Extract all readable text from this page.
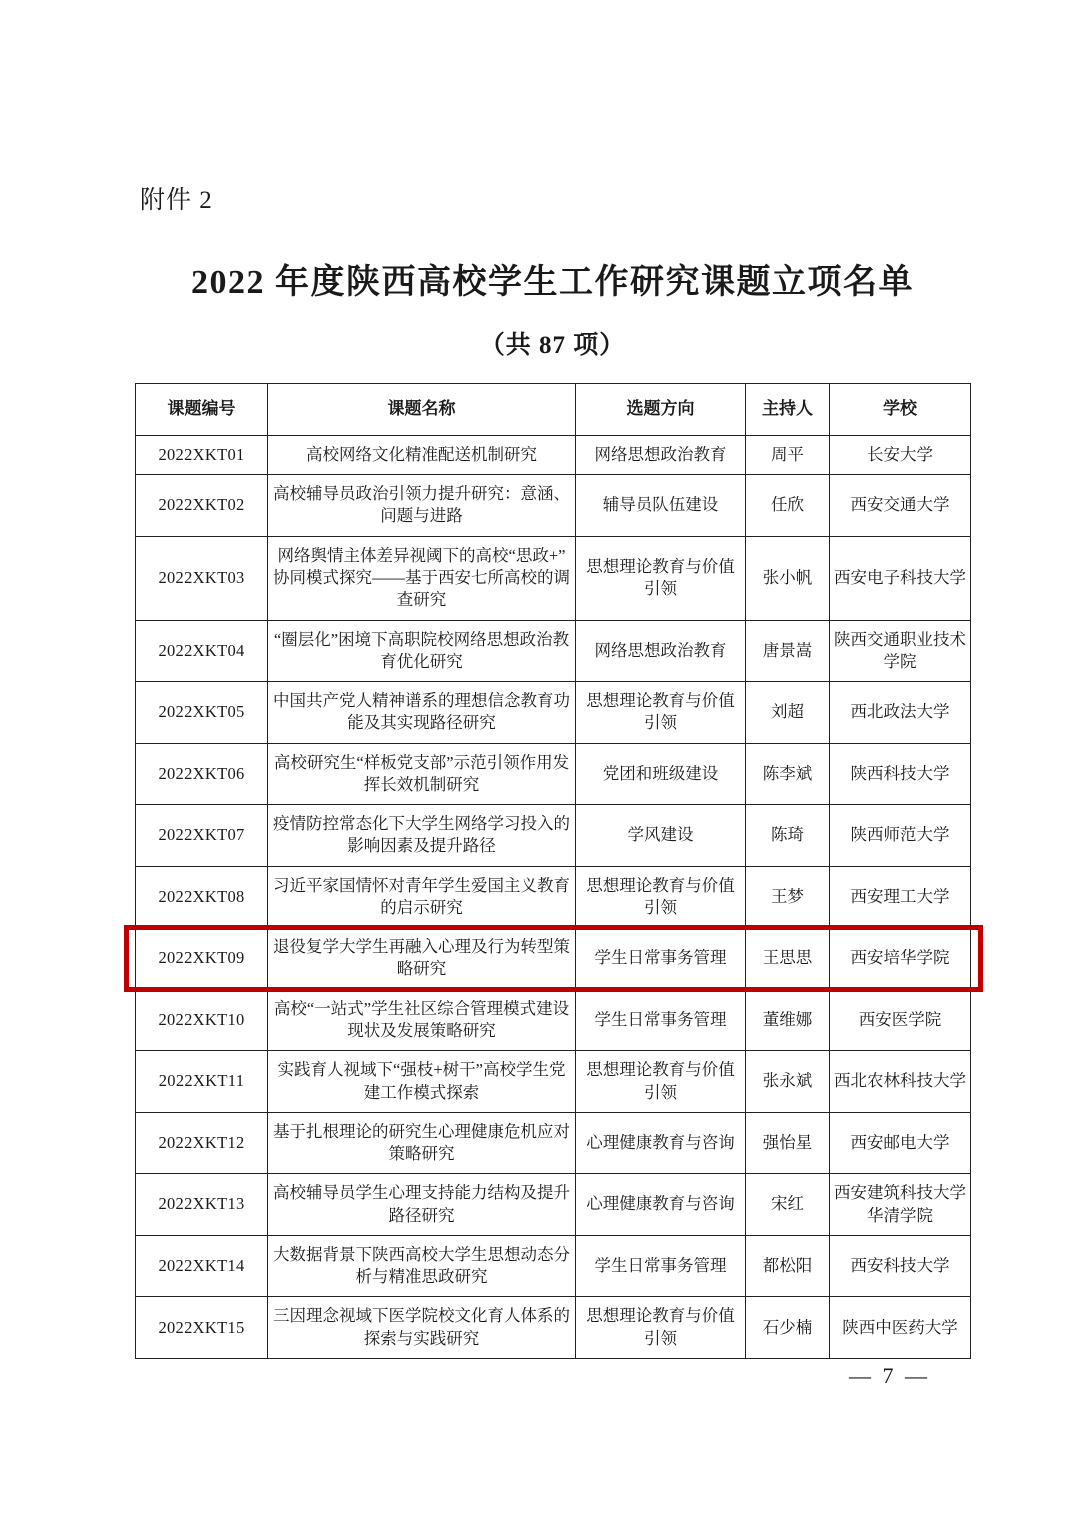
附件 2
2022 年度陕西高校学生工作研究课题立项名单
（共 87 项）
课题编号	课题名称	选题方向	主持人	学校
2022XKT01	高校网络文化精准配送机制研究	网络思想政治教育	周平	长安大学
2022XKT02	高校辅导员政治引领力提升研究：意涵、问题与进路	辅导员队伍建设	任欣	西安交通大学
2022XKT03	网络舆情主体差异视阈下的高校“思政+”协同模式探究——基于西安七所高校的调查研究	思想理论教育与价值引领	张小帆	西安电子科技大学
2022XKT04	“圈层化”困境下高职院校网络思想政治教育优化研究	网络思想政治教育	唐景嵩	陕西交通职业技术学院
2022XKT05	中国共产党人精神谱系的理想信念教育功能及其实现路径研究	思想理论教育与价值引领	刘超	西北政法大学
2022XKT06	高校研究生“样板党支部”示范引领作用发挥长效机制研究	党团和班级建设	陈李斌	陕西科技大学
2022XKT07	疫情防控常态化下大学生网络学习投入的影响因素及提升路径	学风建设	陈琦	陕西师范大学
2022XKT08	习近平家国情怀对青年学生爱国主义教育的启示研究	思想理论教育与价值引领	王梦	西安理工大学
2022XKT09	退役复学大学生再融入心理及行为转型策略研究	学生日常事务管理	王思思	西安培华学院
2022XKT10	高校“一站式”学生社区综合管理模式建设现状及发展策略研究	学生日常事务管理	董维娜	西安医学院
2022XKT11	实践育人视域下“强枝+树干”高校学生党建工作模式探索	思想理论教育与价值引领	张永斌	西北农林科技大学
2022XKT12	基于扎根理论的研究生心理健康危机应对策略研究	心理健康教育与咨询	强怡星	西安邮电大学
2022XKT13	高校辅导员学生心理支持能力结构及提升路径研究	心理健康教育与咨询	宋红	西安建筑科技大学华清学院
2022XKT14	大数据背景下陕西高校大学生思想动态分析与精准思政研究	学生日常事务管理	都松阳	西安科技大学
2022XKT15	三因理念视域下医学院校文化育人体系的探索与实践研究	思想理论教育与价值引领	石少楠	陕西中医药大学
— 7 —
